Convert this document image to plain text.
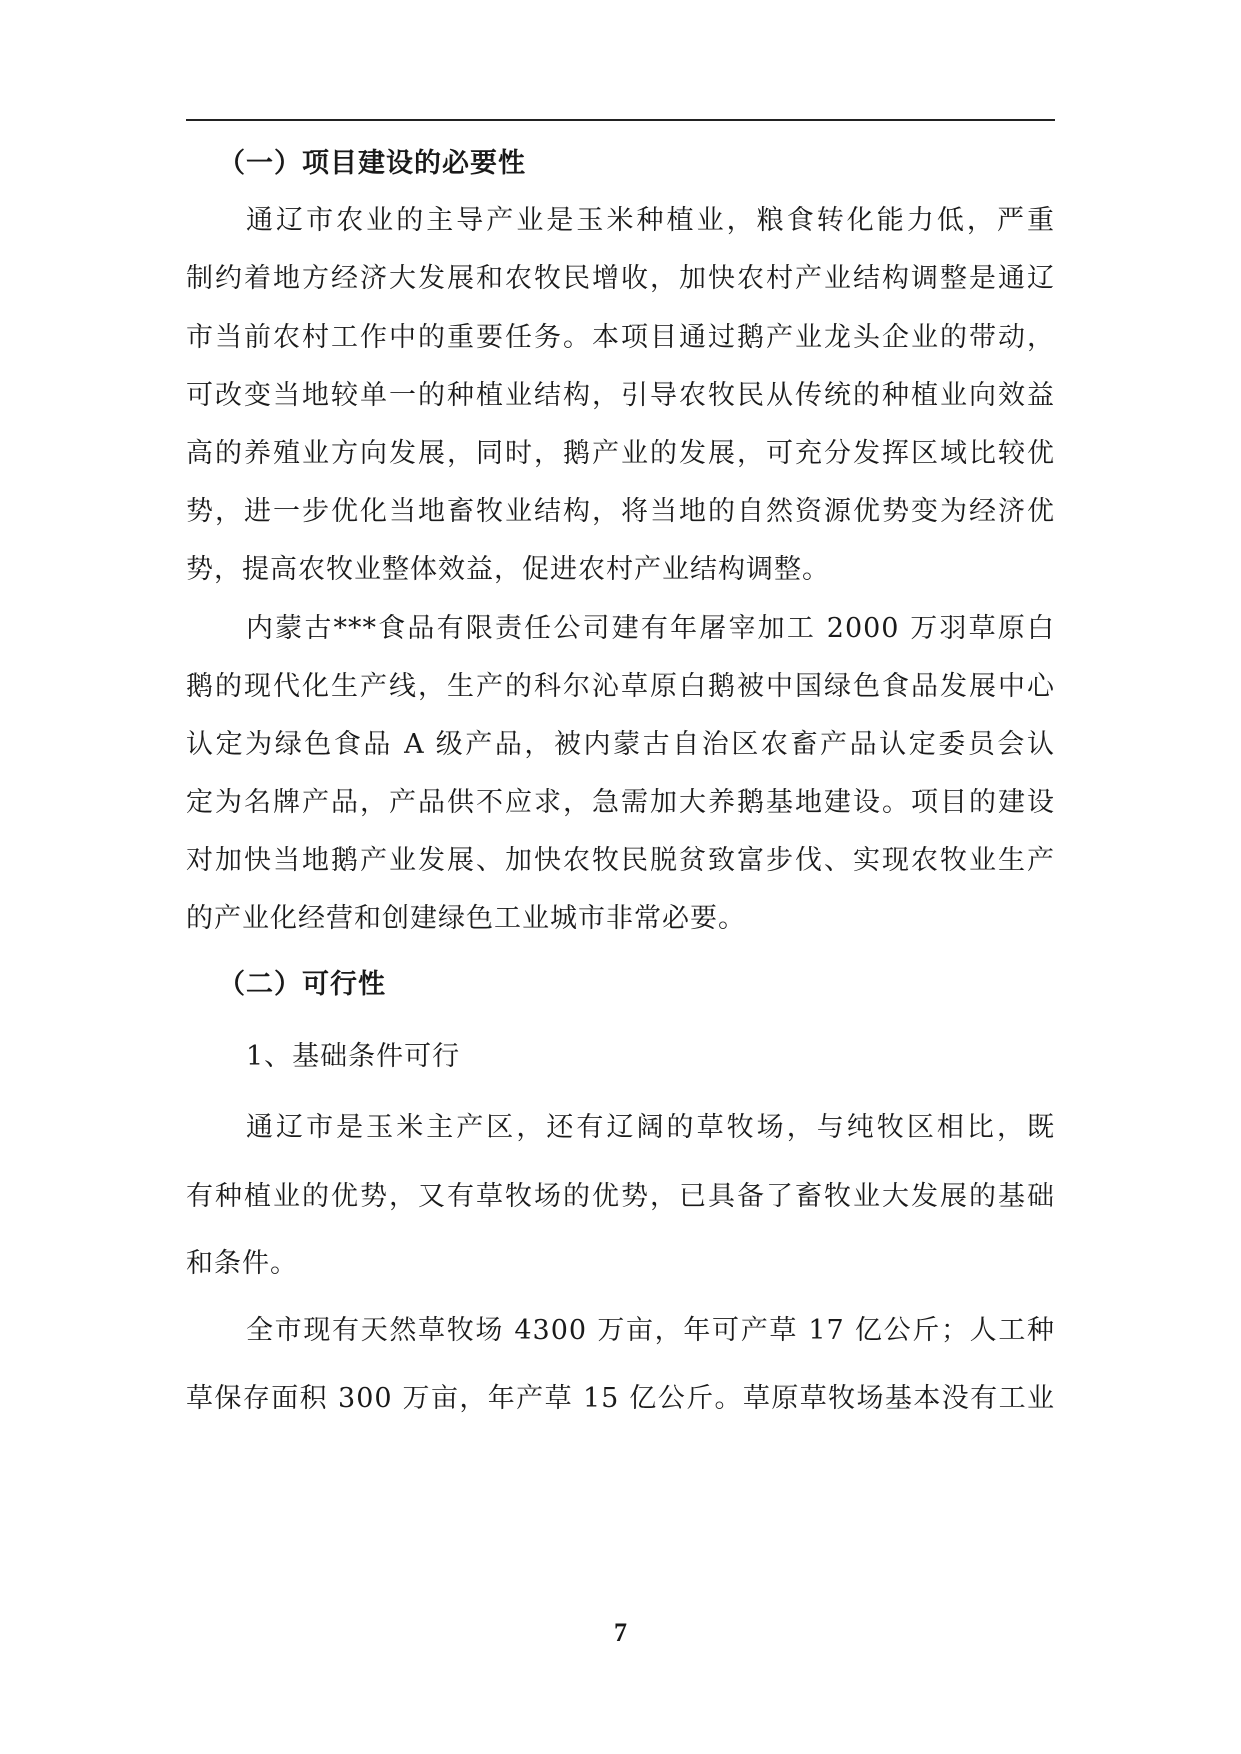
（一）项目建设的必要性
通辽市农业的主导产业是玉米种植业，粮食转化能力低，严重
制约着地方经济大发展和农牧民增收，加快农村产业结构调整是通辽
市当前农村工作中的重要任务。本项目通过鹅产业龙头企业的带动，
可改变当地较单一的种植业结构，引导农牧民从传统的种植业向效益
高的养殖业方向发展，同时，鹅产业的发展，可充分发挥区域比较优
势，进一步优化当地畜牧业结构，将当地的自然资源优势变为经济优
势，提高农牧业整体效益，促进农村产业结构调整。
内蒙古***食品有限责任公司建有年屠宰加工 2000 万羽草原白
鹅的现代化生产线，生产的科尔沁草原白鹅被中国绿色食品发展中心
认定为绿色食品 A 级产品，被内蒙古自治区农畜产品认定委员会认
定为名牌产品，产品供不应求，急需加大养鹅基地建设。项目的建设
对加快当地鹅产业发展、加快农牧民脱贫致富步伐、实现农牧业生产
的产业化经营和创建绿色工业城市非常必要。
（二）可行性
1、基础条件可行
通辽市是玉米主产区，还有辽阔的草牧场，与纯牧区相比，既
有种植业的优势，又有草牧场的优势，已具备了畜牧业大发展的基础
和条件。
全市现有天然草牧场 4300 万亩，年可产草 17 亿公斤；人工种
草保存面积 300 万亩，年产草 15 亿公斤。草原草牧场基本没有工业
7
